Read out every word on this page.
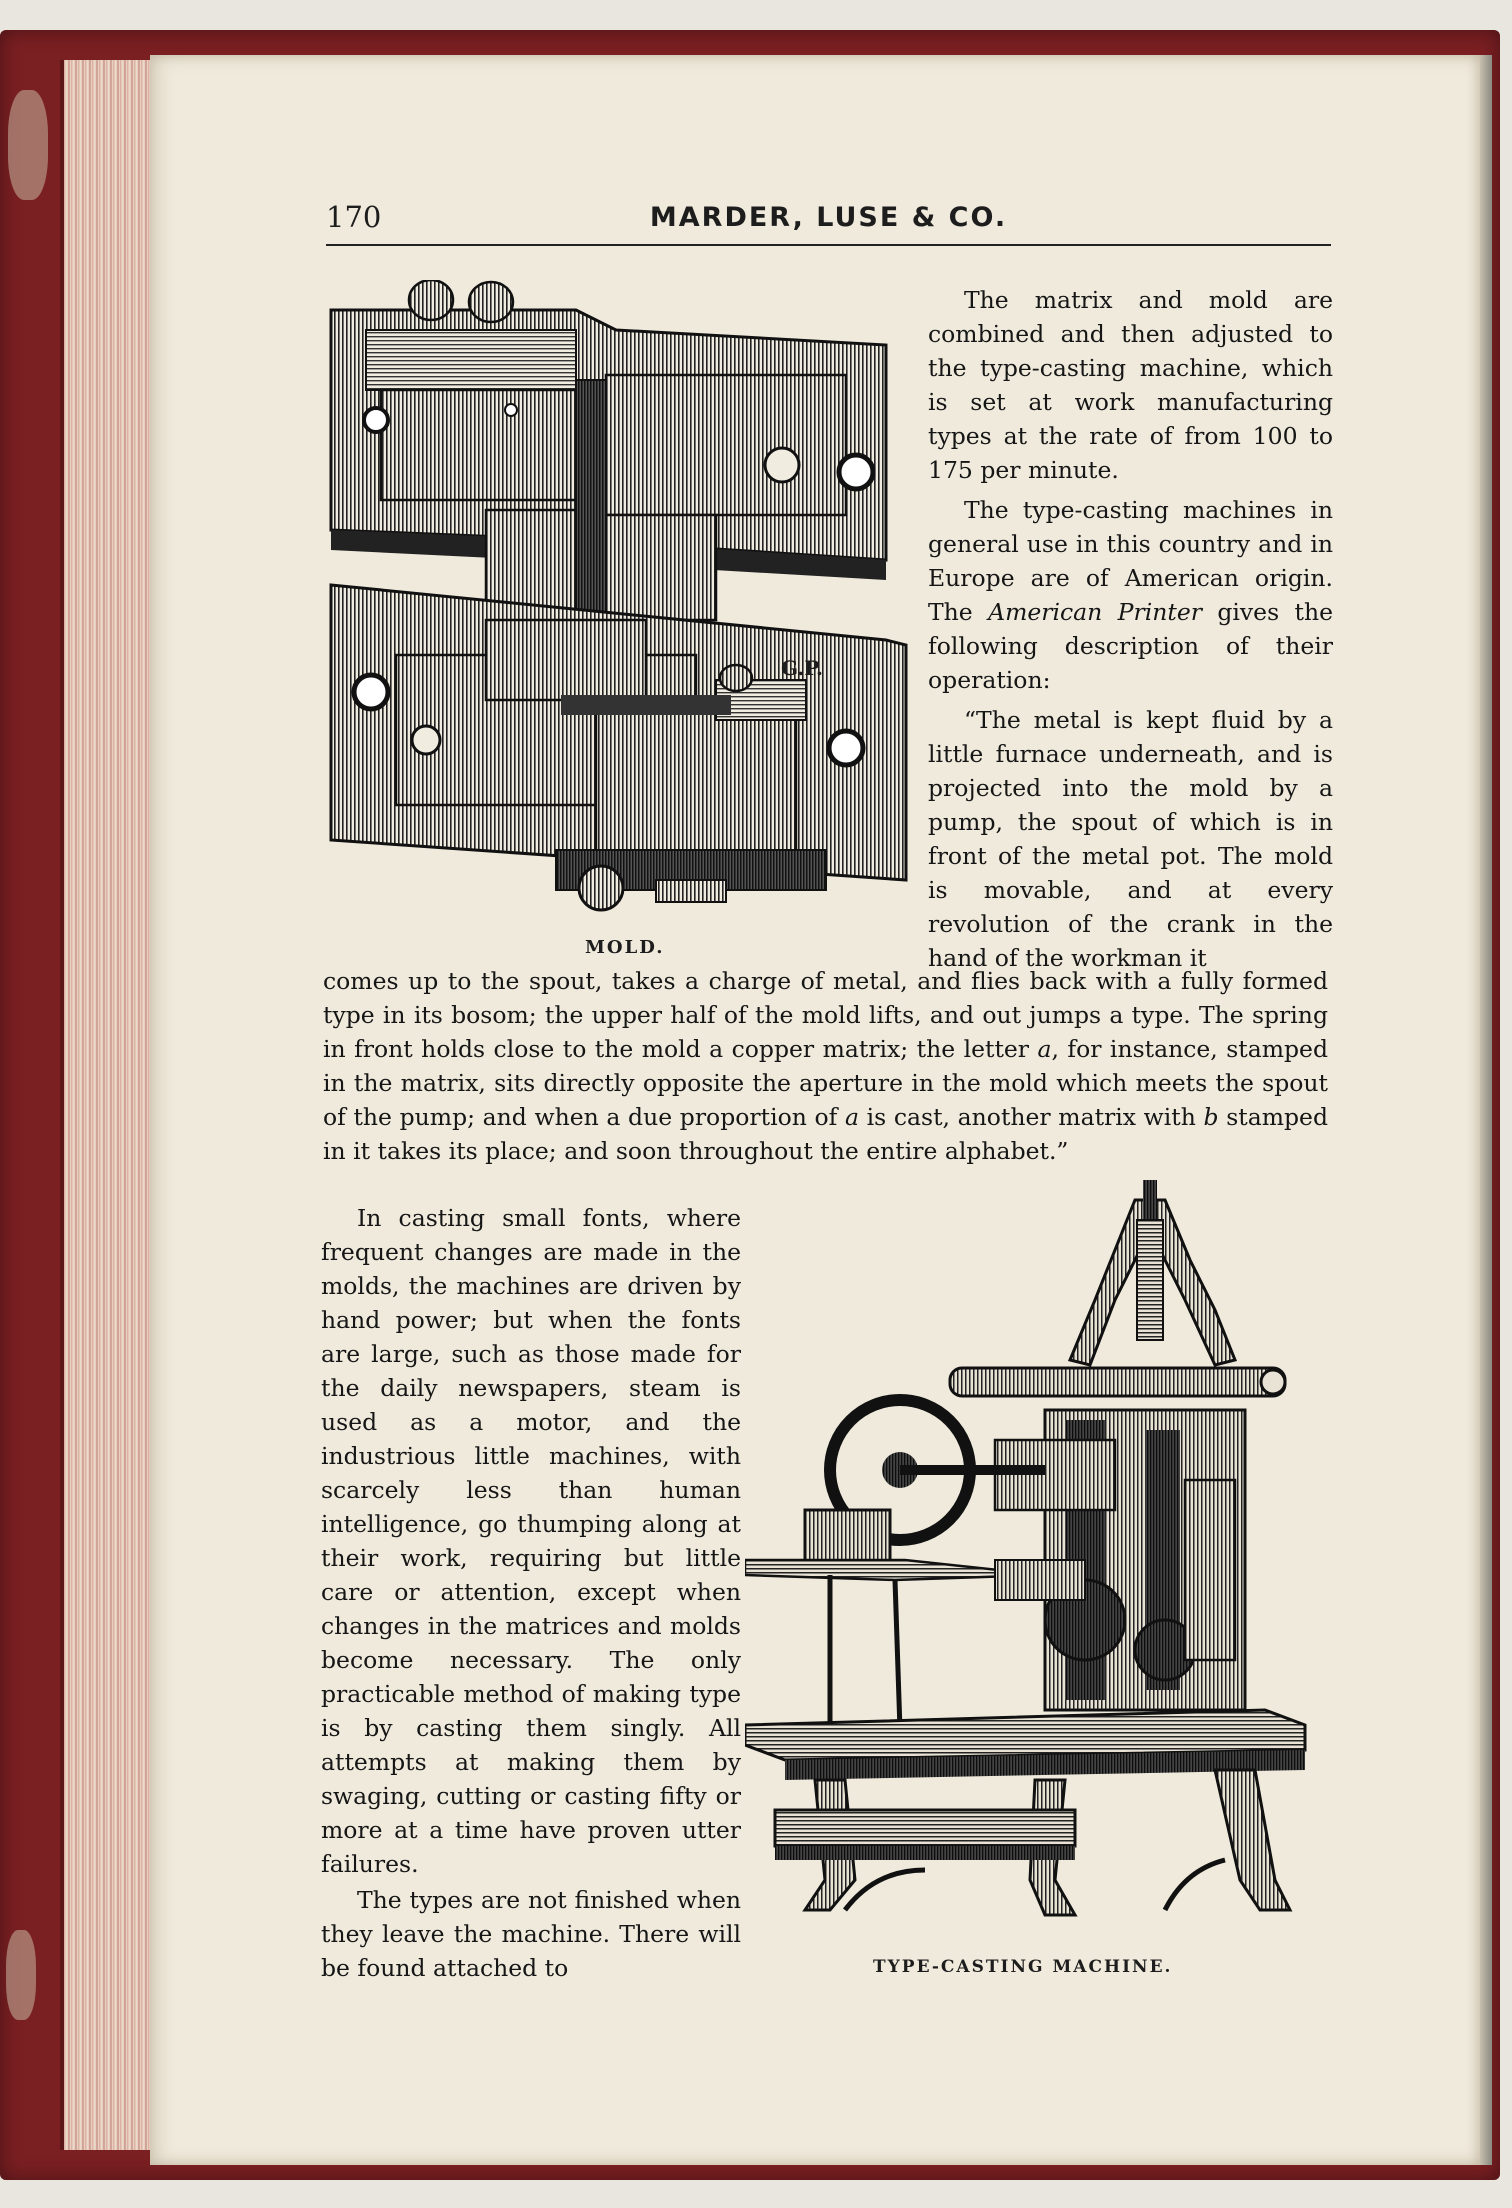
170	MARDER, LUSE & CO.
G.P.
MOLD.

The matrix and mold are combined and then adjusted to the type-casting machine, which is set at work manufacturing types at the rate of from 100 to 175 per minute.

The type-casting machines in general use in this country and in Europe are of American origin. The American Printer gives the following description of their operation:

“The metal is kept fluid by a little furnace underneath, and is projected into the mold by a pump, the spout of which is in front of the metal pot. The mold is movable, and at every revolution of the crank in the hand of the workman it

comes up to the spout, takes a charge of metal, and flies back with a fully formed type in its bosom; the upper half of the mold lifts, and out jumps a type. The spring in front holds close to the mold a copper matrix; the letter a, for instance, stamped in the matrix, sits directly opposite the aperture in the mold which meets the spout of the pump; and when a due proportion of a is cast, another matrix with b stamped in it takes its place; and soon throughout the entire alphabet.”

In casting small fonts, where frequent changes are made in the molds, the machines are driven by hand power; but when the fonts are large, such as those made for the daily newspapers, steam is used as a motor, and the industrious little machines, with scarcely less than human intelligence, go thumping along at their work, requiring but little care or attention, except when changes in the matrices and molds become necessary. The only practicable method of making type is by casting them singly. All attempts at making them by swaging, cutting or casting fifty or more at a time have proven utter failures.

The types are not finished when they leave the machine. There will be found attached to	TYPE-CASTING MACHINE.
